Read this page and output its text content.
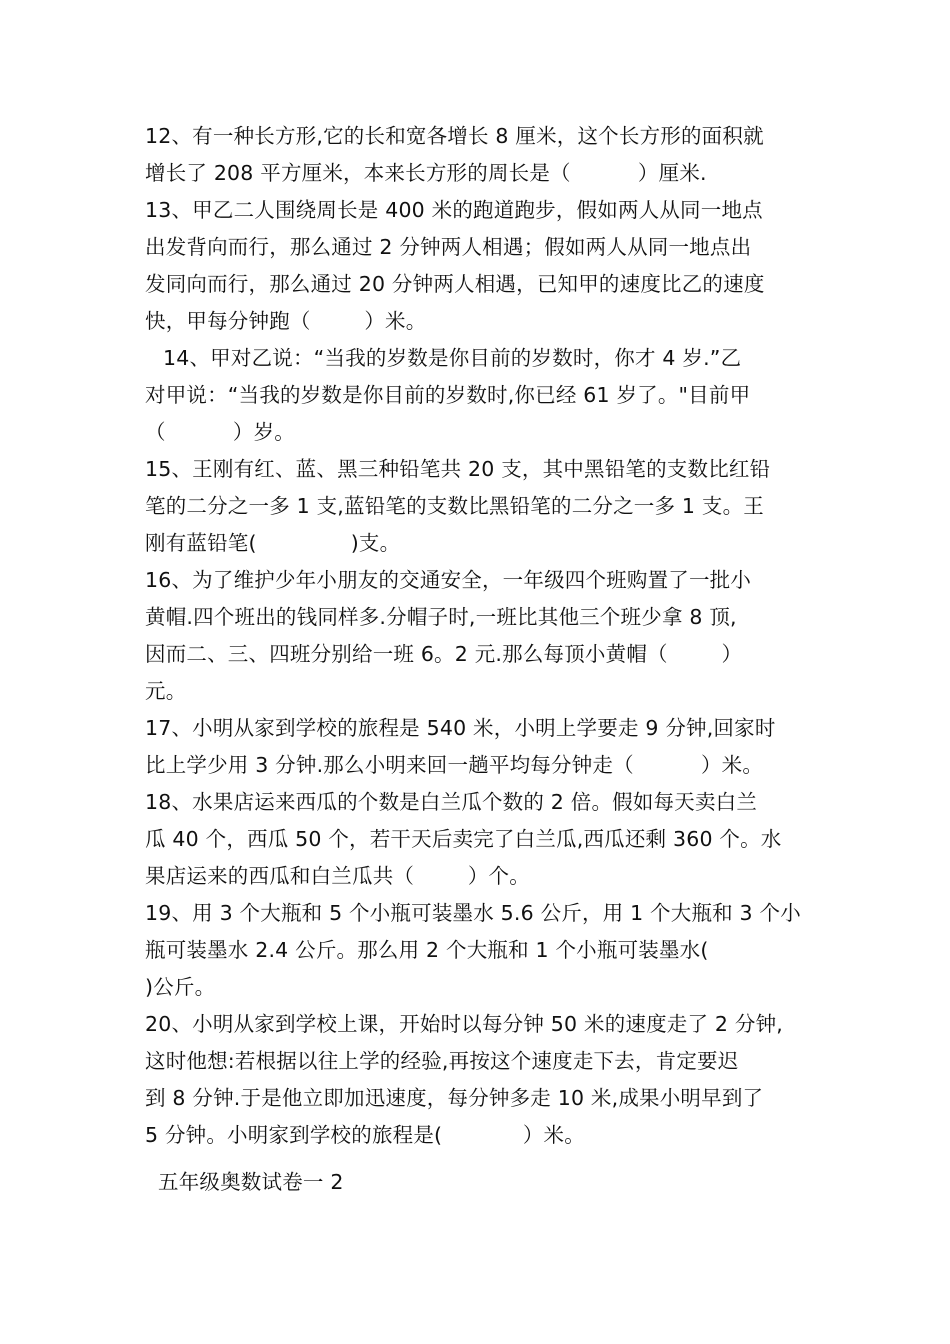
12、有一种长方形,它的长和宽各增长 8 厘米，这个长方形的面积就
增长了 208 平方厘米，本来长方形的周长是（          ）厘米.
13、甲乙二人围绕周长是 400 米的跑道跑步，假如两人从同一地点
出发背向而行，那么通过 2 分钟两人相遇；假如两人从同一地点出
发同向而行，那么通过 20 分钟两人相遇，已知甲的速度比乙的速度
快，甲每分钟跑（        ）米。
14、甲对乙说：“当我的岁数是你目前的岁数时，你才 4 岁.”乙
对甲说：“当我的岁数是你目前的岁数时,你已经 61 岁了。"目前甲
（          ）岁。
15、王刚有红、蓝、黑三种铅笔共 20 支，其中黑铅笔的支数比红铅
笔的二分之一多 1 支,蓝铅笔的支数比黑铅笔的二分之一多 1 支。王
刚有蓝铅笔(              )支。
16、为了维护少年小朋友的交通安全，一年级四个班购置了一批小
黄帽.四个班出的钱同样多.分帽子时,一班比其他三个班少拿 8 顶,
因而二、三、四班分别给一班 6。2 元.那么每顶小黄帽（        ）
元。
17、小明从家到学校的旅程是 540 米，小明上学要走 9 分钟,回家时
比上学少用 3 分钟.那么小明来回一趟平均每分钟走（          ）米。
18、水果店运来西瓜的个数是白兰瓜个数的 2 倍。假如每天卖白兰
瓜 40 个，西瓜 50 个，若干天后卖完了白兰瓜,西瓜还剩 360 个。水
果店运来的西瓜和白兰瓜共（        ）个。
19、用 3 个大瓶和 5 个小瓶可装墨水 5.6 公斤，用 1 个大瓶和 3 个小
瓶可装墨水 2.4 公斤。那么用 2 个大瓶和 1 个小瓶可装墨水(
)公斤。
20、小明从家到学校上课，开始时以每分钟 50 米的速度走了 2 分钟,
这时他想:若根据以往上学的经验,再按这个速度走下去，肯定要迟
到 8 分钟.于是他立即加迅速度，每分钟多走 10 米,成果小明早到了
5 分钟。小明家到学校的旅程是(            ）米。
五年级奥数试卷一 2
